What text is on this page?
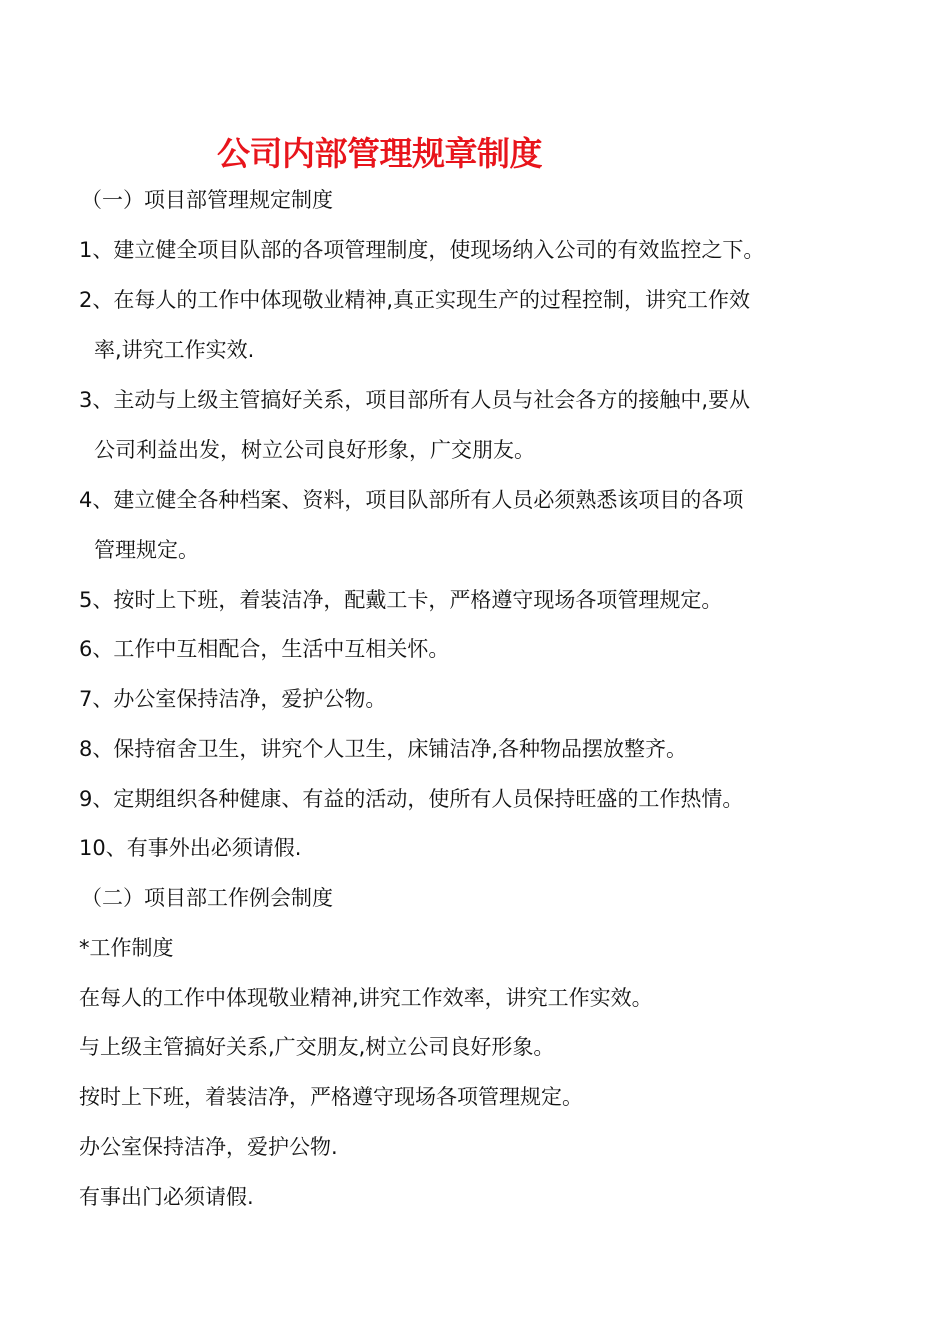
公司内部管理规章制度
（一）项目部管理规定制度
1、建立健全项目队部的各项管理制度，使现场纳入公司的有效监控之下。
2、在每人的工作中体现敬业精神,真正实现生产的过程控制，讲究工作效
率,讲究工作实效.
3、主动与上级主管搞好关系，项目部所有人员与社会各方的接触中,要从
公司利益出发，树立公司良好形象，广交朋友。
4、建立健全各种档案、资料，项目队部所有人员必须熟悉该项目的各项
管理规定。
5、按时上下班，着装洁净，配戴工卡，严格遵守现场各项管理规定。
6、工作中互相配合，生活中互相关怀。
7、办公室保持洁净，爱护公物。
8、保持宿舍卫生，讲究个人卫生，床铺洁净,各种物品摆放整齐。
9、定期组织各种健康、有益的活动，使所有人员保持旺盛的工作热情。
10、有事外出必须请假.
（二）项目部工作例会制度
*工作制度
在每人的工作中体现敬业精神,讲究工作效率，讲究工作实效。
与上级主管搞好关系,广交朋友,树立公司良好形象。
按时上下班，着装洁净，严格遵守现场各项管理规定。
办公室保持洁净，爱护公物.
有事出门必须请假.
